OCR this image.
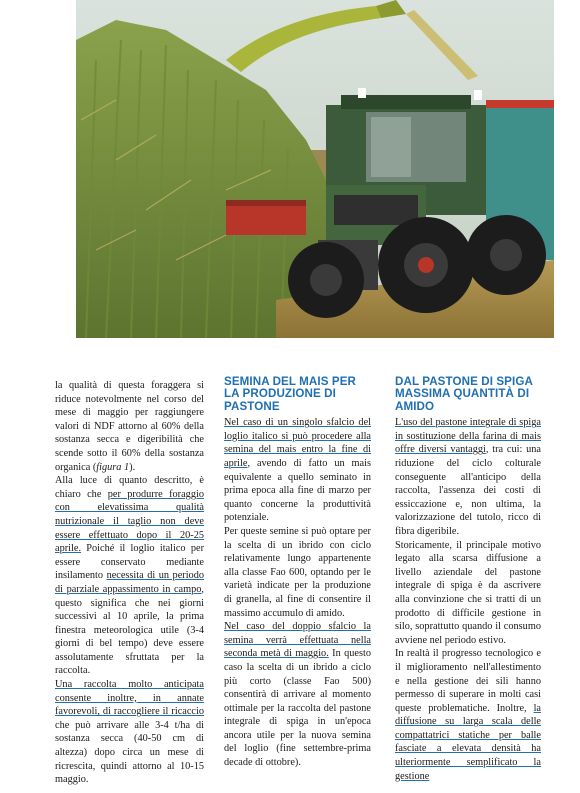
la qualità di questa foraggera si riduce notevolmente nel corso del mese di maggio per raggiungere valori di NDF attorno al 60% della sostanza secca e digeribilità che scende sotto il 60% della sostanza organica (figura 1).

Alla luce di quanto descritto, è chiaro che per produrre foraggio con elevatissima qualità nutrizionale il taglio non deve essere effettuato dopo il 20-25 aprile. Poiché il loglio italico per essere conservato mediante insilamento necessita di un periodo di parziale appassimento in campo, questo significa che nei giorni successivi al 10 aprile, la prima finestra meteorologica utile (3-4 giorni di bel tempo) deve essere assolutamente sfruttata per la raccolta.

Una raccolta molto anticipata consente inoltre, in annate favorevoli, di raccogliere il ricaccio che può arrivare alle 3-4 t/ha di sostanza secca (40-50 cm di altezza) dopo circa un mese di ricrescita, quindi attorno al 10-15 maggio.

SEMINA DEL MAIS PER LA PRODUZIONE DI PASTONE

Nel caso di un singolo sfalcio del loglio italico si può procedere alla semina del mais entro la fine di aprile, avendo di fatto un mais equivalente a quello seminato in prima epoca alla fine di marzo per quanto concerne la produttività potenziale.

Per queste semine si può optare per la scelta di un ibrido con ciclo relativamente lungo appartenente alla classe Fao 600, optando per le varietà indicate per la produzione di granella, al fine di consentire il massimo accumulo di amido.

Nel caso del doppio sfalcio la semina verrà effettuata nella seconda metà di maggio. In questo caso la scelta di un ibrido a ciclo più corto (classe Fao 500) consentirà di arrivare al momento ottimale per la raccolta del pastone integrale di spiga in un'epoca ancora utile per la nuova semina del loglio (fine settembre-prima decade di ottobre).

DAL PASTONE DI SPIGA MASSIMA QUANTITÀ DI AMIDO

L'uso del pastone integrale di spiga in sostituzione della farina di mais offre diversi vantaggi, tra cui: una riduzione del ciclo colturale conseguente all'anticipo della raccolta, l'assenza dei costi di essiccazione e, non ultima, la valorizzazione del tutolo, ricco di fibra digeribile.

Storicamente, il principale motivo legato alla scarsa diffusione a livello aziendale del pastone integrale di spiga è da ascrivere alla convinzione che si tratti di un prodotto di difficile gestione in silo, soprattutto quando il consumo avviene nel periodo estivo.

In realtà il progresso tecnologico e il miglioramento nell'allestimento e nella gestione dei sili hanno permesso di superare in molti casi queste problematiche. Inoltre, la diffusione su larga scala delle compattatrici statiche per balle fasciate a elevata densità ha ulteriormente semplificato la gestione
